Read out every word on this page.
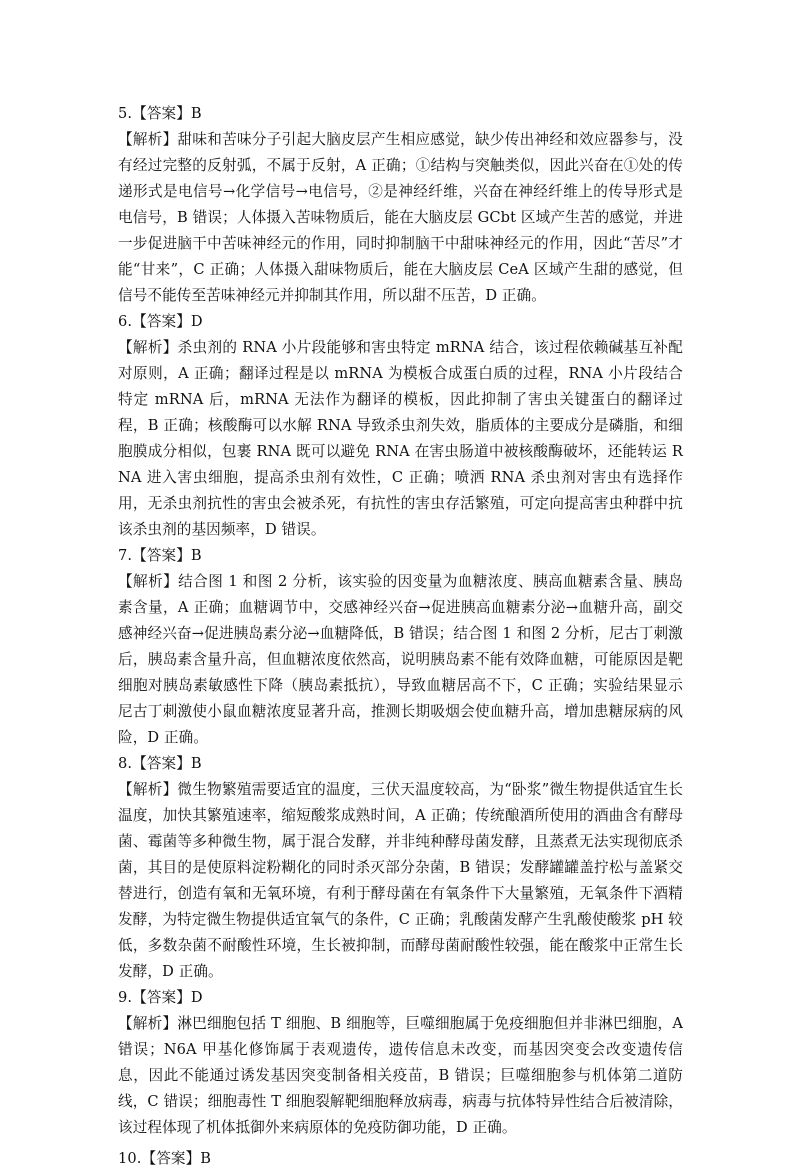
5.【答案】B
【解析】甜味和苦味分子引起大脑皮层产生相应感觉，缺少传出神经和效应器参与，没有经过完整的反射弧，不属于反射，A 正确；①结构与突触类似，因此兴奋在①处的传递形式是电信号→化学信号→电信号，②是神经纤维，兴奋在神经纤维上的传导形式是电信号，B 错误；人体摄入苦味物质后，能在大脑皮层 GCbt 区域产生苦的感觉，并进一步促进脑干中苦味神经元的作用，同时抑制脑干中甜味神经元的作用，因此“苦尽”才能“甘来”，C 正确；人体摄入甜味物质后，能在大脑皮层 CeA 区域产生甜的感觉，但信号不能传至苦味神经元并抑制其作用，所以甜不压苦，D 正确。
6.【答案】D
【解析】杀虫剂的 RNA 小片段能够和害虫特定 mRNA 结合，该过程依赖碱基互补配对原则，A 正确；翻译过程是以 mRNA 为模板合成蛋白质的过程，RNA 小片段结合特定 mRNA 后，mRNA 无法作为翻译的模板，因此抑制了害虫关键蛋白的翻译过程，B 正确；核酸酶可以水解 RNA 导致杀虫剂失效，脂质体的主要成分是磷脂，和细胞膜成分相似，包裹 RNA 既可以避免 RNA 在害虫肠道中被核酸酶破坏，还能转运 RNA 进入害虫细胞，提高杀虫剂有效性，C 正确；喷洒 RNA 杀虫剂对害虫有选择作用，无杀虫剂抗性的害虫会被杀死，有抗性的害虫存活繁殖，可定向提高害虫种群中抗该杀虫剂的基因频率，D 错误。
7.【答案】B
【解析】结合图 1 和图 2 分析，该实验的因变量为血糖浓度、胰高血糖素含量、胰岛素含量，A 正确；血糖调节中，交感神经兴奋→促进胰高血糖素分泌→血糖升高，副交感神经兴奋→促进胰岛素分泌→血糖降低，B 错误；结合图 1 和图 2 分析，尼古丁刺激后，胰岛素含量升高，但血糖浓度依然高，说明胰岛素不能有效降血糖，可能原因是靶细胞对胰岛素敏感性下降（胰岛素抵抗），导致血糖居高不下，C 正确；实验结果显示尼古丁刺激使小鼠血糖浓度显著升高，推测长期吸烟会使血糖升高，增加患糖尿病的风险，D 正确。
8.【答案】B
【解析】微生物繁殖需要适宜的温度，三伏天温度较高，为“卧浆”微生物提供适宜生长温度，加快其繁殖速率，缩短酸浆成熟时间，A 正确；传统酿酒所使用的酒曲含有酵母菌、霉菌等多种微生物，属于混合发酵，并非纯种酵母菌发酵，且蒸煮无法实现彻底杀菌，其目的是使原料淀粉糊化的同时杀灭部分杂菌，B 错误；发酵罐罐盖拧松与盖紧交替进行，创造有氧和无氧环境，有利于酵母菌在有氧条件下大量繁殖，无氧条件下酒精发酵，为特定微生物提供适宜氧气的条件，C 正确；乳酸菌发酵产生乳酸使酸浆 pH 较低，多数杂菌不耐酸性环境，生长被抑制，而酵母菌耐酸性较强，能在酸浆中正常生长发酵，D 正确。
9.【答案】D
【解析】淋巴细胞包括 T 细胞、B 细胞等，巨噬细胞属于免疫细胞但并非淋巴细胞，A 错误；N6A 甲基化修饰属于表观遗传，遗传信息未改变，而基因突变会改变遗传信息，因此不能通过诱发基因突变制备相关疫苗，B 错误；巨噬细胞参与机体第二道防线，C 错误；细胞毒性 T 细胞裂解靶细胞释放病毒，病毒与抗体特异性结合后被清除，该过程体现了机体抵御外来病原体的免疫防御功能，D 正确。
10.【答案】B
